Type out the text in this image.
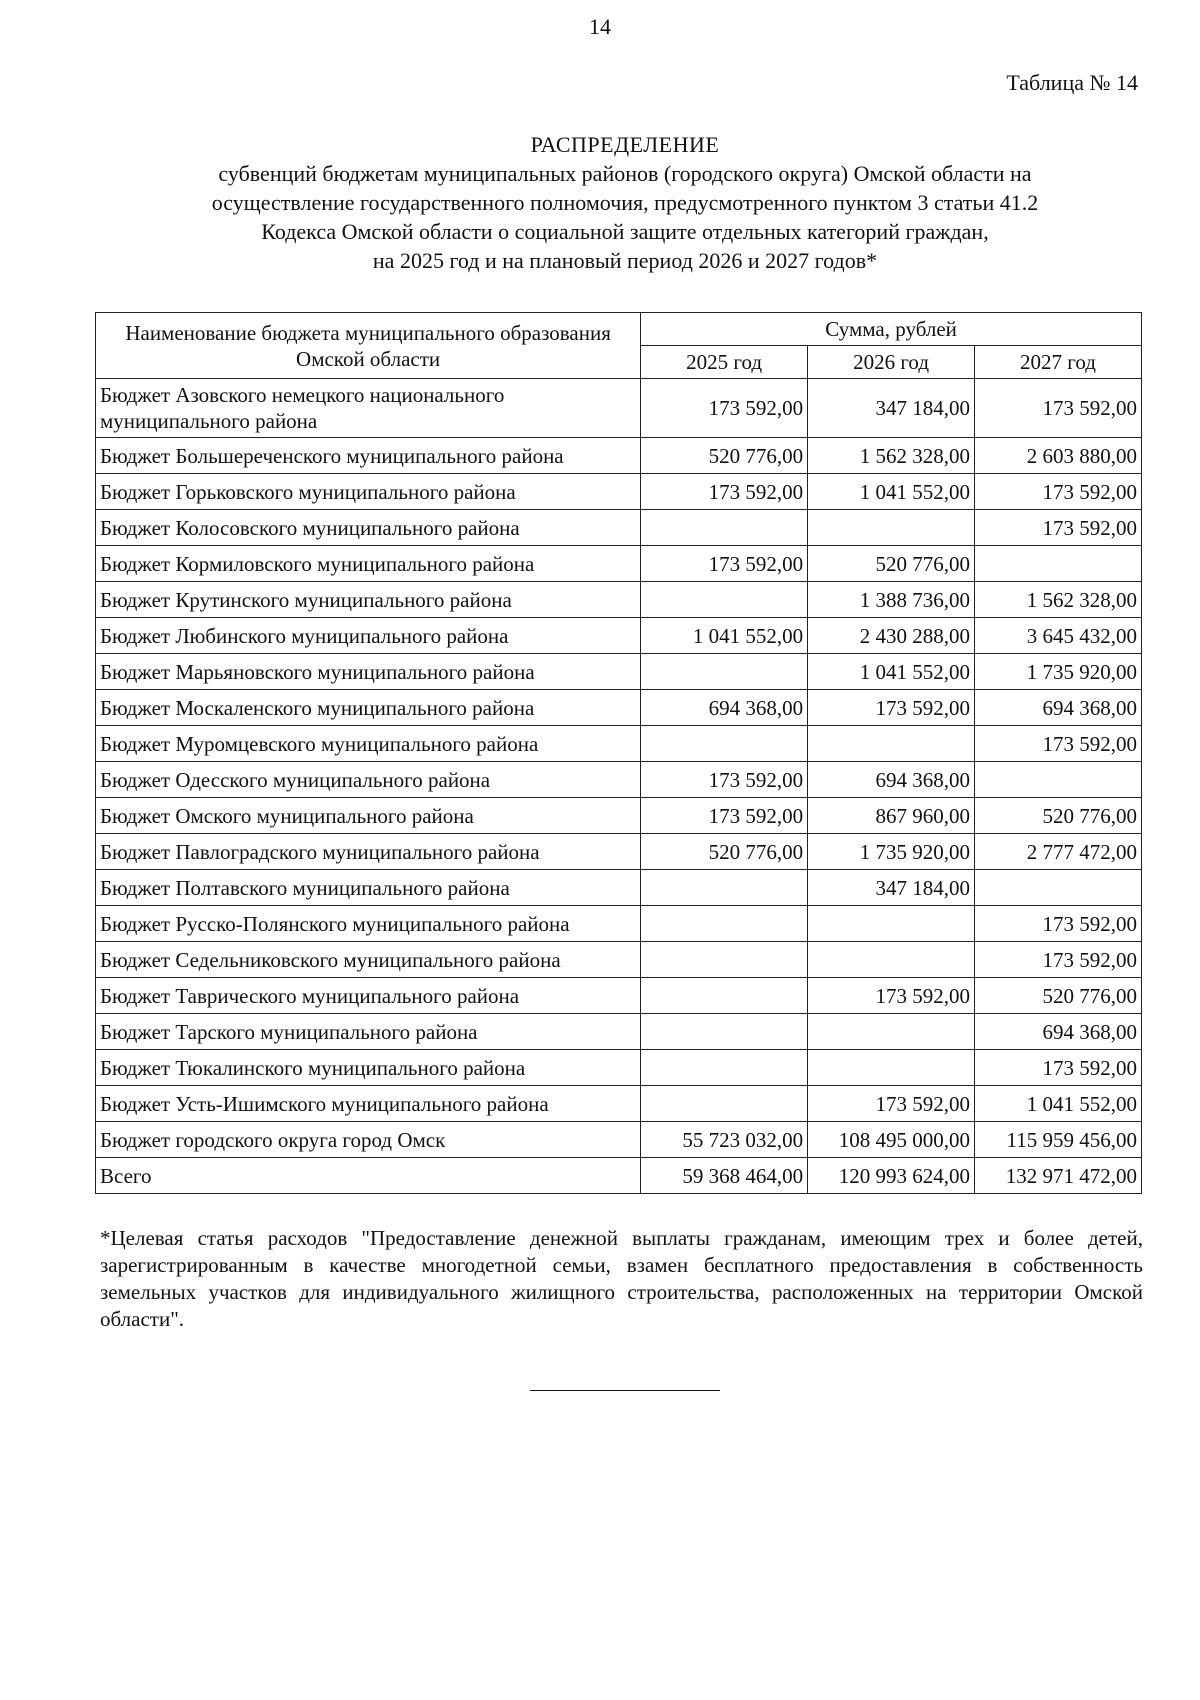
14
Таблица № 14
РАСПРЕДЕЛЕНИЕ
субвенций бюджетам муниципальных районов (городского округа) Омской области на
осуществление государственного полномочия, предусмотренного пунктом 3 статьи 41.2
Кодекса Омской области о социальной защите отдельных категорий граждан,
на 2025 год и на плановый период 2026 и 2027 годов*
Наименование бюджета муниципального образования Омской области	Сумма, рублей		
	2025 год	2026 год	2027 год
Бюджет Азовского немецкого национального муниципального района	173 592,00	347 184,00	173 592,00
Бюджет Большереченского муниципального района	520 776,00	1 562 328,00	2 603 880,00
Бюджет Горьковского муниципального района	173 592,00	1 041 552,00	173 592,00
Бюджет Колосовского муниципального района			173 592,00
Бюджет Кормиловского муниципального района	173 592,00	520 776,00	
Бюджет Крутинского муниципального района		1 388 736,00	1 562 328,00
Бюджет Любинского муниципального района	1 041 552,00	2 430 288,00	3 645 432,00
Бюджет Марьяновского муниципального района		1 041 552,00	1 735 920,00
Бюджет Москаленского муниципального района	694 368,00	173 592,00	694 368,00
Бюджет Муромцевского муниципального района			173 592,00
Бюджет Одесского муниципального района	173 592,00	694 368,00	
Бюджет Омского муниципального района	173 592,00	867 960,00	520 776,00
Бюджет Павлоградского муниципального района	520 776,00	1 735 920,00	2 777 472,00
Бюджет Полтавского муниципального района		347 184,00	
Бюджет Русско-Полянского муниципального района			173 592,00
Бюджет Седельниковского муниципального района			173 592,00
Бюджет Таврического муниципального района		173 592,00	520 776,00
Бюджет Тарского муниципального района			694 368,00
Бюджет Тюкалинского муниципального района			173 592,00
Бюджет Усть-Ишимского муниципального района		173 592,00	1 041 552,00
Бюджет городского округа город Омск	55 723 032,00	108 495 000,00	115 959 456,00
Всего	59 368 464,00	120 993 624,00	132 971 472,00
*Целевая статья расходов "Предоставление денежной выплаты гражданам, имеющим трех и более детей, зарегистрированным в качестве многодетной семьи, взамен бесплатного предоставления в собственность земельных участков для индивидуального жилищного строительства, расположенных на территории Омской области".
